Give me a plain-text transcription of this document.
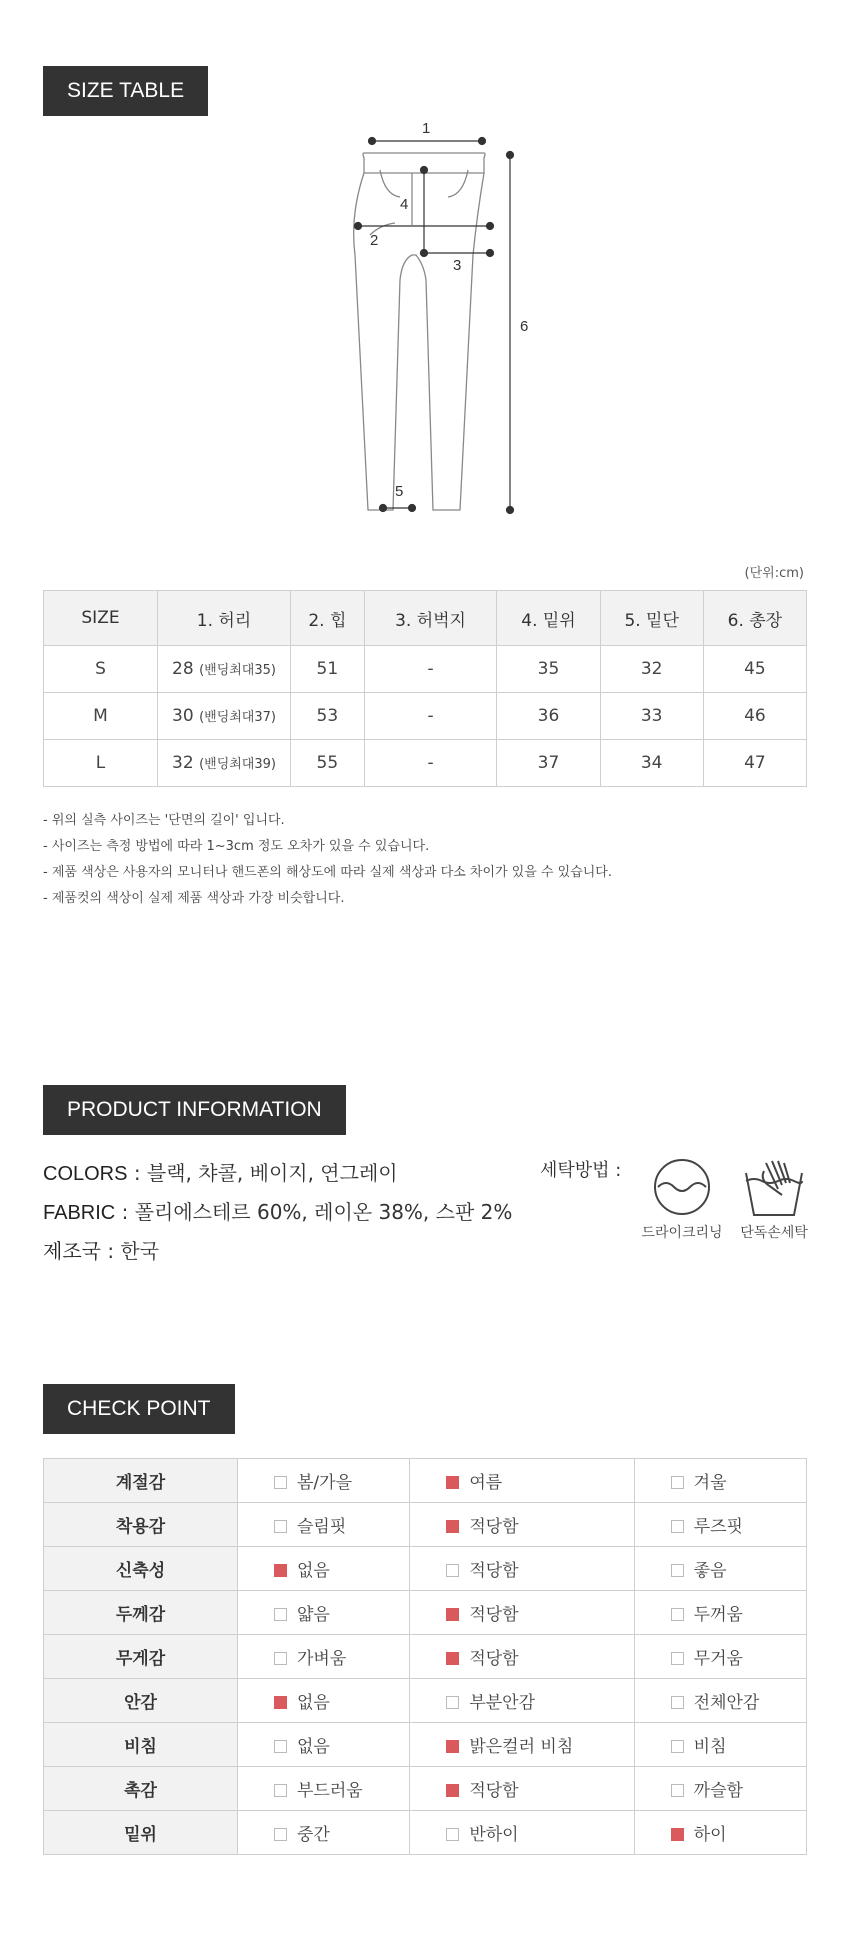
SIZE TABLE
1
2
3
4
5
6
(단위:cm)
SIZE	1. 허리	2. 힙	3. 허벅지	4. 밑위	5. 밑단	6. 총장
S	28 (밴딩최대35)	51	-	35	32	45
M	30 (밴딩최대37)	53	-	36	33	46
L	32 (밴딩최대39)	55	-	37	34	47
- 위의 실측 사이즈는 '단면의 길이' 입니다.
- 사이즈는 측정 방법에 따라 1~3cm 정도 오차가 있을 수 있습니다.
- 제품 색상은 사용자의 모니터나 핸드폰의 해상도에 따라 실제 색상과 다소 차이가 있을 수 있습니다.
- 제품컷의 색상이 실제 제품 색상과 가장 비슷합니다.
PRODUCT INFORMATION
COLORS : 블랙, 챠콜, 베이지, 연그레이
FABRIC : 폴리에스테르 60%, 레이온 38%, 스판 2%
제조국 : 한국
세탁방법 :
드라이크리닝	단독손세탁
CHECK POINT
계절감	봄/가을	여름	겨울
착용감	슬림핏	적당함	루즈핏
신축성	없음	적당함	좋음
두께감	얇음	적당함	두꺼움
무게감	가벼움	적당함	무거움
안감	없음	부분안감	전체안감
비침	없음	밝은컬러 비침	비침
촉감	부드러움	적당함	까슬함
밑위	중간	반하이	하이
